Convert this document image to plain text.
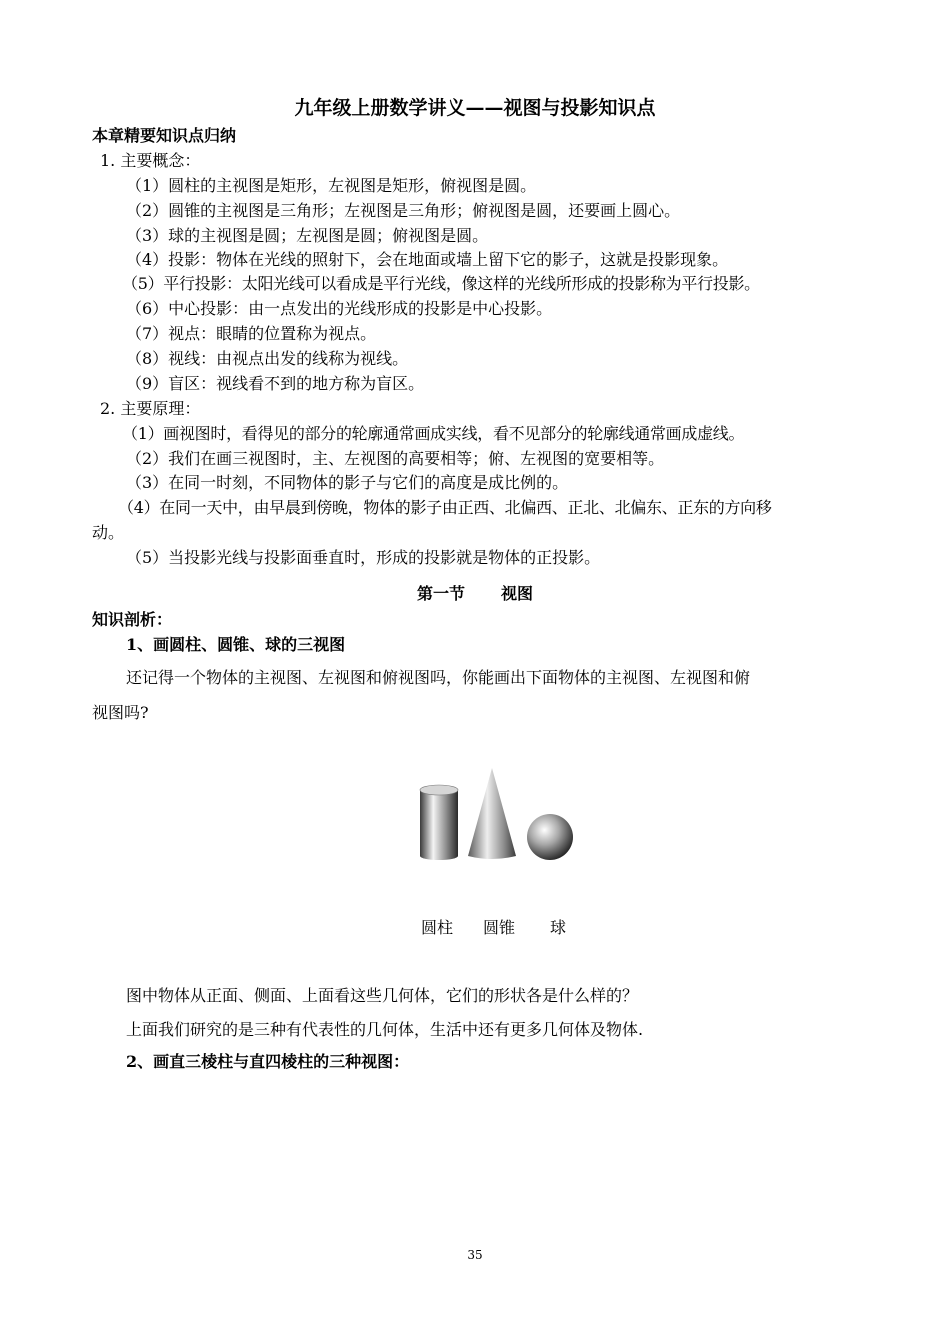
九年级上册数学讲义——视图与投影知识点
本章精要知识点归纳
1. 主要概念：
（1）圆柱的主视图是矩形，左视图是矩形，俯视图是圆。
（2）圆锥的主视图是三角形；左视图是三角形；俯视图是圆，还要画上圆心。
（3）球的主视图是圆；左视图是圆；俯视图是圆。
（4）投影：物体在光线的照射下，会在地面或墙上留下它的影子，这就是投影现象。
（5）平行投影：太阳光线可以看成是平行光线，像这样的光线所形成的投影称为平行投影。
（6）中心投影：由一点发出的光线形成的投影是中心投影。
（7）视点：眼睛的位置称为视点。
（8）视线：由视点出发的线称为视线。
（9）盲区：视线看不到的地方称为盲区。
2. 主要原理：
（1）画视图时，看得见的部分的轮廓通常画成实线，看不见部分的轮廓线通常画成虚线。
（2）我们在画三视图时，主、左视图的高要相等；俯、左视图的宽要相等。
（3）在同一时刻，不同物体的影子与它们的高度是成比例的。
（4）在同一天中，由早晨到傍晚，物体的影子由正西、北偏西、正北、北偏东、正东的方向移
动。
（5）当投影光线与投影面垂直时，形成的投影就是物体的正投影。
第一节 视图
知识剖析：
1、画圆柱、圆锥、球的三视图
还记得一个物体的主视图、左视图和俯视图吗，你能画出下面物体的主视图、左视图和俯
视图吗?
圆柱 圆锥 球
图中物体从正面、侧面、上面看这些几何体，它们的形状各是什么样的？
上面我们研究的是三种有代表性的几何体，生活中还有更多几何体及物体.
2、画直三棱柱与直四棱柱的三种视图：
35
